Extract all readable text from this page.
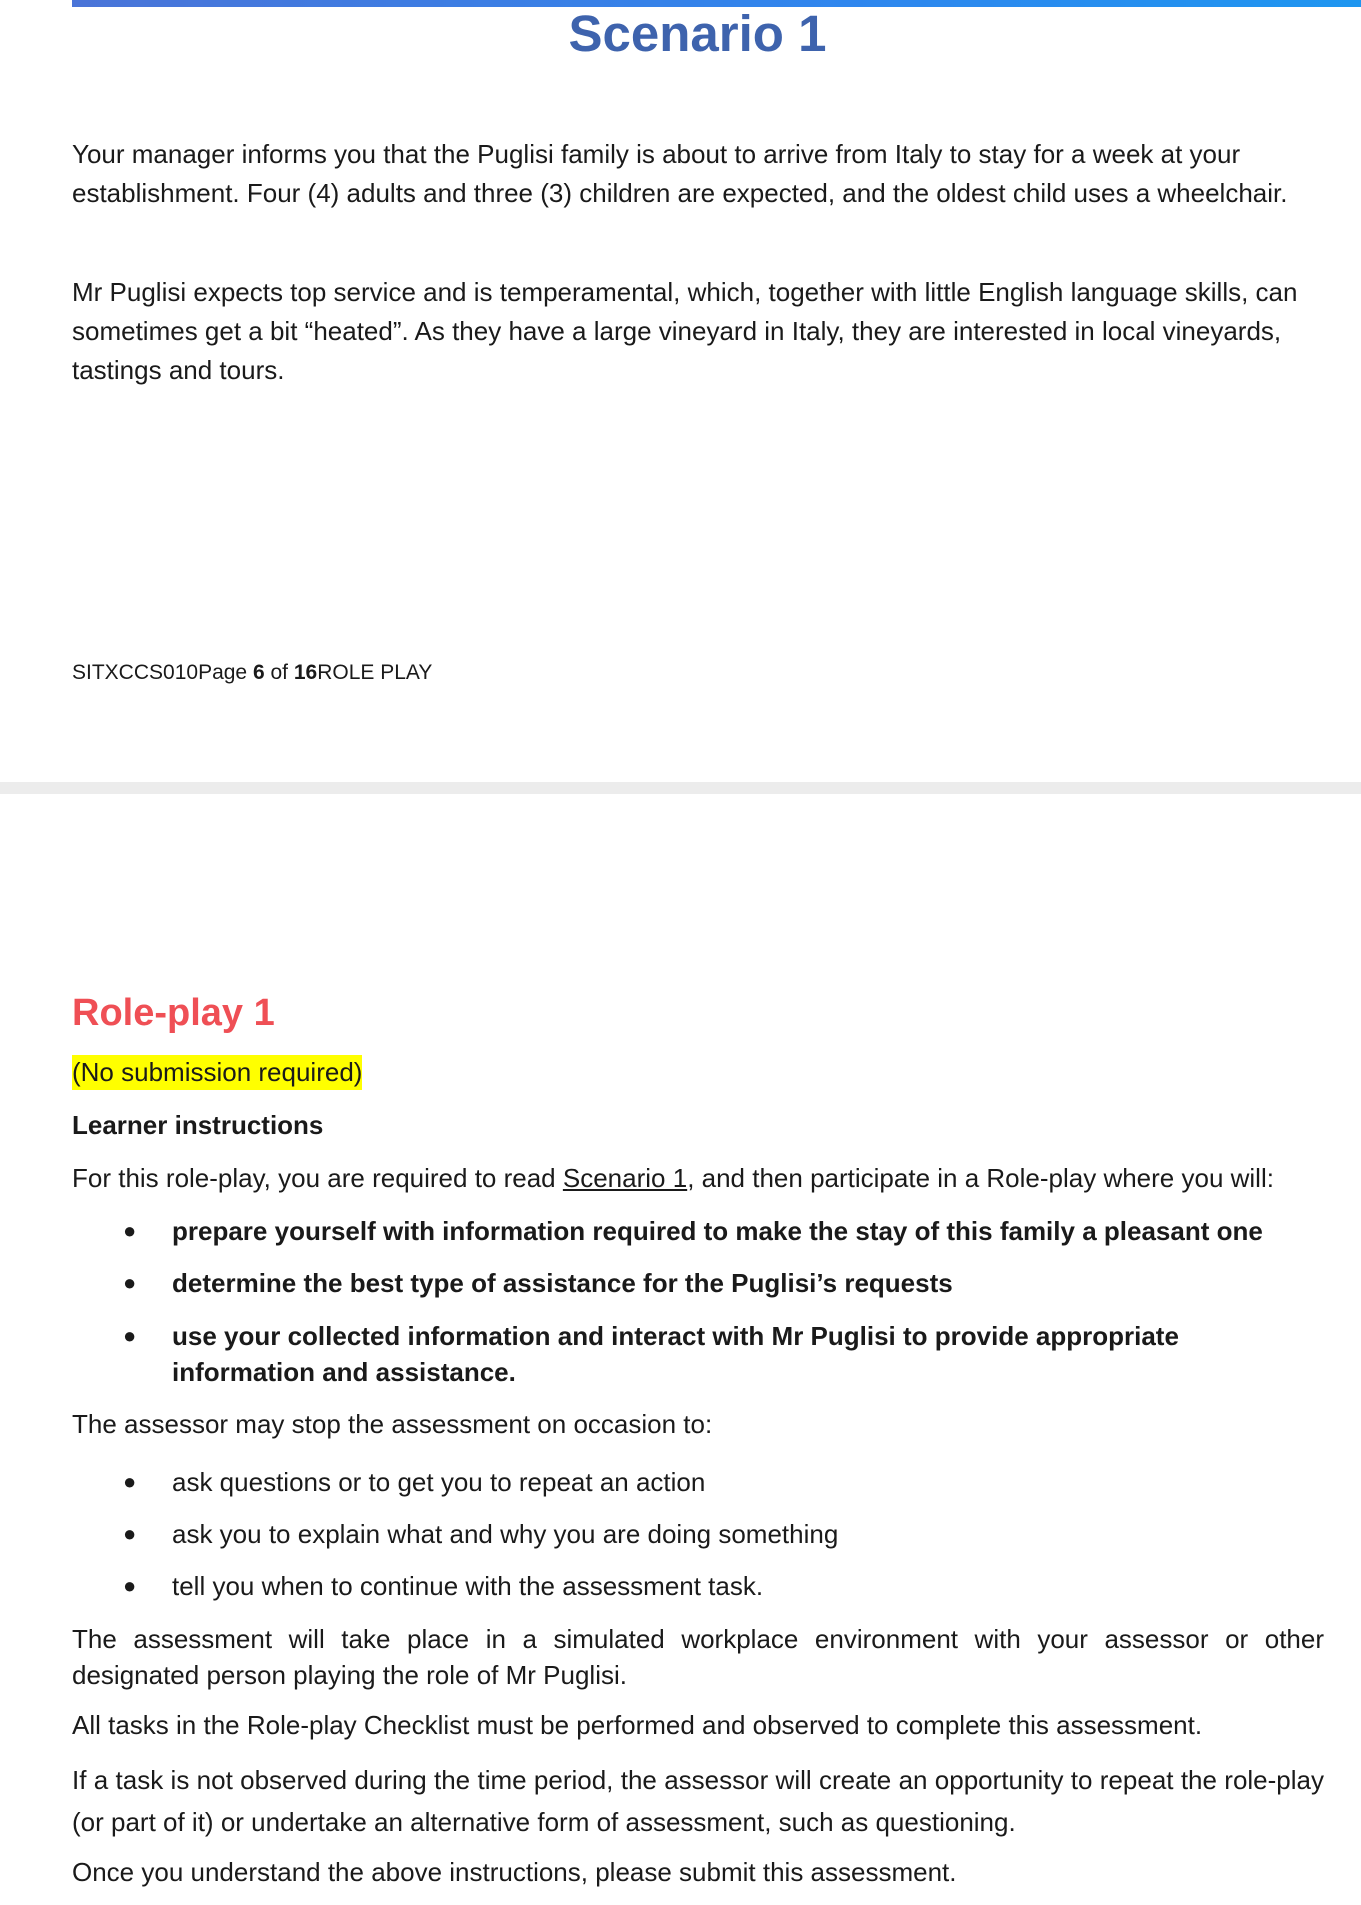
Scenario 1

Your manager informs you that the Puglisi family is about to arrive from Italy to stay for a week at your establishment. Four (4) adults and three (3) children are expected, and the oldest child uses a wheelchair.

Mr Puglisi expects top service and is temperamental, which, together with little English language skills, can sometimes get a bit “heated”. As they have a large vineyard in Italy, they are interested in local vineyards, tastings and tours.

SITXCCS010Page 6 of 16ROLE PLAY
Role-play 1
(No submission required)
Learner instructions
For this role-play, you are required to read Scenario 1, and then participate in a Role-play where you will:
● prepare yourself with information required to make the stay of this family a pleasant one
● determine the best type of assistance for the Puglisi’s requests
● use your collected information and interact with Mr Puglisi to provide appropriate information and assistance.
The assessor may stop the assessment on occasion to:
● ask questions or to get you to repeat an action
● ask you to explain what and why you are doing something
● tell you when to continue with the assessment task.

The assessment will take place in a simulated workplace environment with your assessor or other designated person playing the role of Mr Puglisi.

All tasks in the Role-play Checklist must be performed and observed to complete this assessment.

If a task is not observed during the time period, the assessor will create an opportunity to repeat the role-play (or part of it) or undertake an alternative form of assessment, such as questioning.

Once you understand the above instructions, please submit this assessment.
